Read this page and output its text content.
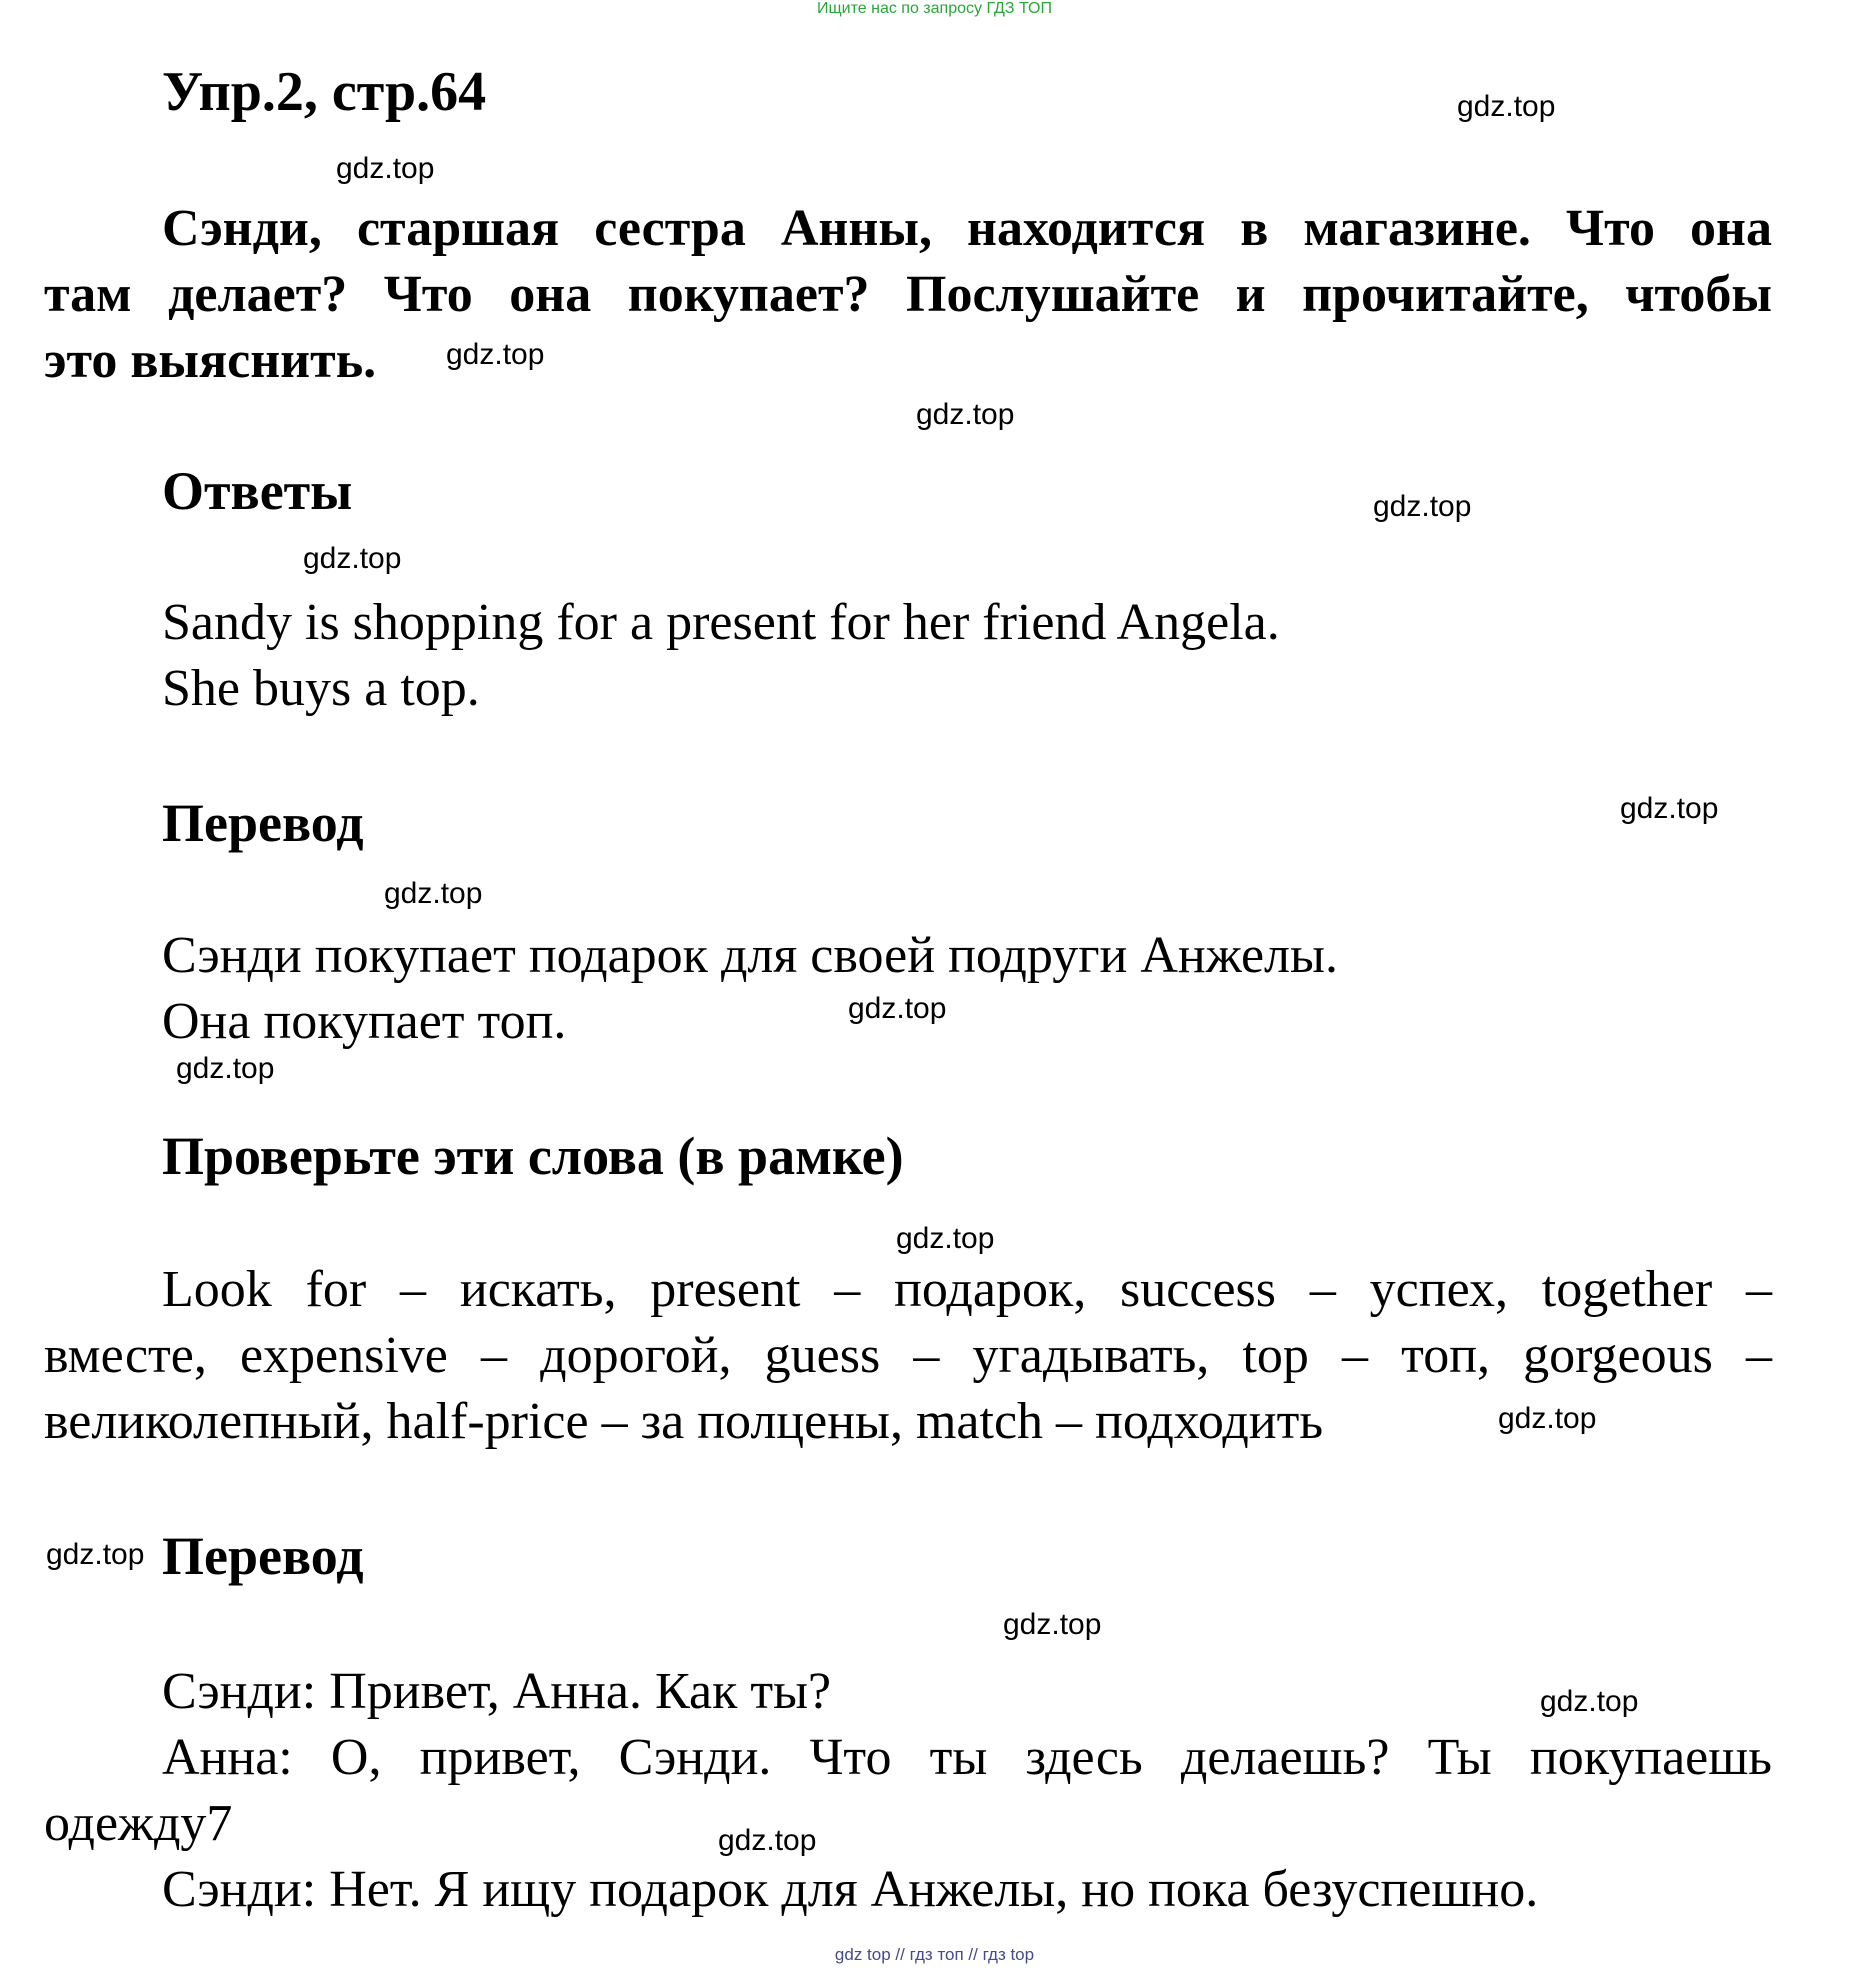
Ищите нас по запросу ГДЗ ТОП
Упр.2, стр.64
Сэнди, старшая сестра Анны, находится в магазине. Что она
там делает? Что она покупает? Послушайте и прочитайте, чтобы
это выяснить.
Ответы
Sandy is shopping for a present for her friend Angela.
She buys a top.
Перевод
Сэнди покупает подарок для своей подруги Анжелы.
Она покупает топ.
Проверьте эти слова (в рамке)
Look for – искать, present – подарок, success – успех, together –
вместе, expensive – дорогой, guess – угадывать, top – топ, gorgeous –
великолепный, half-price – за полцены, match – подходить
Перевод
Сэнди: Привет, Анна. Как ты?
Анна: О, привет, Сэнди. Что ты здесь делаешь? Ты покупаешь
одежду7
Сэнди: Нет. Я ищу подарок для Анжелы, но пока безуспешно.
gdz.top
gdz.top
gdz.top
gdz.top
gdz.top
gdz.top
gdz.top
gdz.top
gdz.top
gdz.top
gdz.top
gdz.top
gdz.top
gdz.top
gdz.top
gdz.top
gdz top // гдз топ // гдз top
